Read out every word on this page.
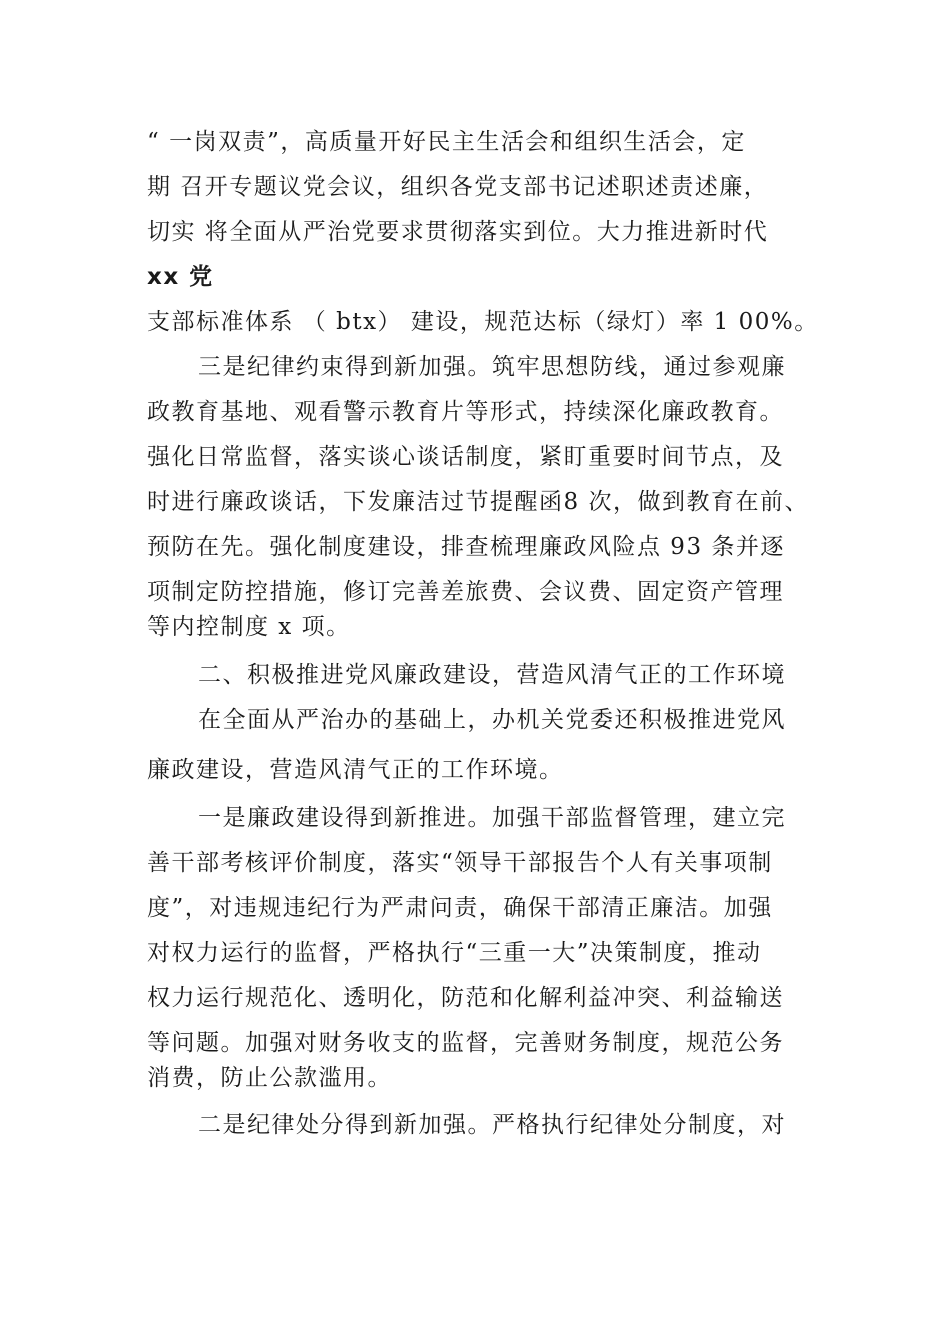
“ 一岗双责”，高质量开好民主生活会和组织生活会，定
期 召开专题议党会议，组织各党支部书记述职述责述廉，
切实 将全面从严治党要求贯彻落实到位。大力推进新时代
xx 党
支部标准体系 （ btx） 建设，规范达标（绿灯）率 1 00%。
三是纪律约束得到新加强。筑牢思想防线，通过参观廉
政教育基地、观看警示教育片等形式，持续深化廉政教育。
强化日常监督，落实谈心谈话制度，紧盯重要时间节点，及
时进行廉政谈话，下发廉洁过节提醒函8 次，做到教育在前、
预防在先。强化制度建设，排查梳理廉政风险点 93 条并逐
项制定防控措施，修订完善差旅费、会议费、固定资产管理
等内控制度 x 项。
二、积极推进党风廉政建设，营造风清气正的工作环境
在全面从严治办的基础上，办机关党委还积极推进党风
廉政建设，营造风清气正的工作环境。
一是廉政建设得到新推进。加强干部监督管理，建立完
善干部考核评价制度，落实“领导干部报告个人有关事项制
度”，对违规违纪行为严肃问责，确保干部清正廉洁。加强
对权力运行的监督，严格执行“三重一大”决策制度，推动
权力运行规范化、透明化，防范和化解利益冲突、利益输送
等问题。加强对财务收支的监督，完善财务制度，规范公务
消费，防止公款滥用。
二是纪律处分得到新加强。严格执行纪律处分制度，对
